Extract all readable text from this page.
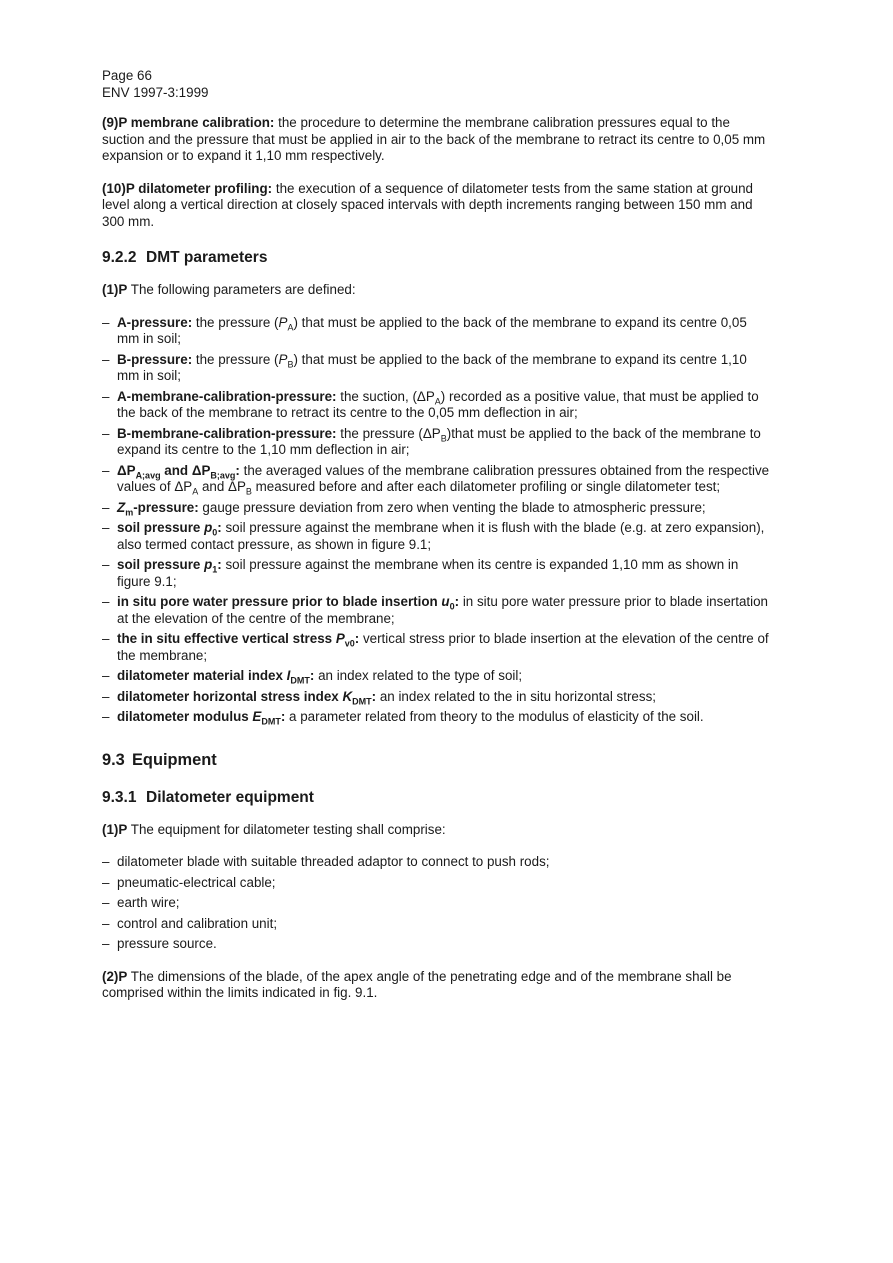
Page 66
ENV 1997-3:1999

(9)P membrane calibration: the procedure to determine the membrane calibration pressures equal to the suction and the pressure that must be applied in air to the back of the membrane to retract its centre to 0,05 mm expansion or to expand it 1,10 mm respectively.

(10)P dilatometer profiling: the execution of a sequence of dilatometer tests from the same station at ground level along a vertical direction at closely spaced intervals with depth increments ranging between 150 mm and 300 mm.

9.2.2 DMT parameters

(1)P The following parameters are defined:

– A-pressure: the pressure $(P_A)$ that must be applied to the back of the membrane to expand its centre 0,05 mm in soil;
– B-pressure: the pressure $(P_B)$ that must be applied to the back of the membrane to expand its centre 1,10 mm in soil;
– A-membrane-calibration-pressure: the suction, $(\Delta P_A)$ recorded as a positive value, that must be applied to the back of the membrane to retract its centre to the 0,05 mm deflection in air;
– B-membrane-calibration-pressure: the pressure $(\Delta P_B)that$ must be applied to the back of the membrane to expand its centre to the 1,10 mm deflection in air;
– $\Delta P_{A;avg}$ and $\Delta P_{B;avg}$: the averaged values of the membrane calibration pressures obtained from the respective values of $\Delta P_A$ and $\Delta P_B$ measured before and after each dilatometer profiling or single dilatometer test;
– $Z_m$-pressure: gauge pressure deviation from zero when venting the blade to atmospheric pressure;
– soil pressure $p_0$: soil pressure against the membrane when it is flush with the blade (e.g. at zero expansion), also termed contact pressure, as shown in figure 9.1;
– soil pressure $p_1$: soil pressure against the membrane when its centre is expanded 1,10 mm as shown in figure 9.1;
– in situ pore water pressure prior to blade insertion $u_0$: in situ pore water pressure prior to blade insertation at the elevation of the centre of the membrane;
– the in situ effective vertical stress $P_{v0}$: vertical stress prior to blade insertion at the elevation of the centre of the membrane;
– dilatometer material index $I_{DMT}$: an index related to the type of soil;
– dilatometer horizontal stress index $K_{DMT}$: an index related to the in situ horizontal stress;
– dilatometer modulus $E_{DMT}$: a parameter related from theory to the modulus of elasticity of the soil.
9.3 Equipment
9.3.1 Dilatometer equipment

(1)P The equipment for dilatometer testing shall comprise:

– dilatometer blade with suitable threaded adaptor to connect to push rods;
– pneumatic-electrical cable;
– earth wire;
– control and calibration unit;
– pressure source.

(2)P The dimensions of the blade, of the apex angle of the penetrating edge and of the membrane shall be comprised within the limits indicated in fig. 9.1.
